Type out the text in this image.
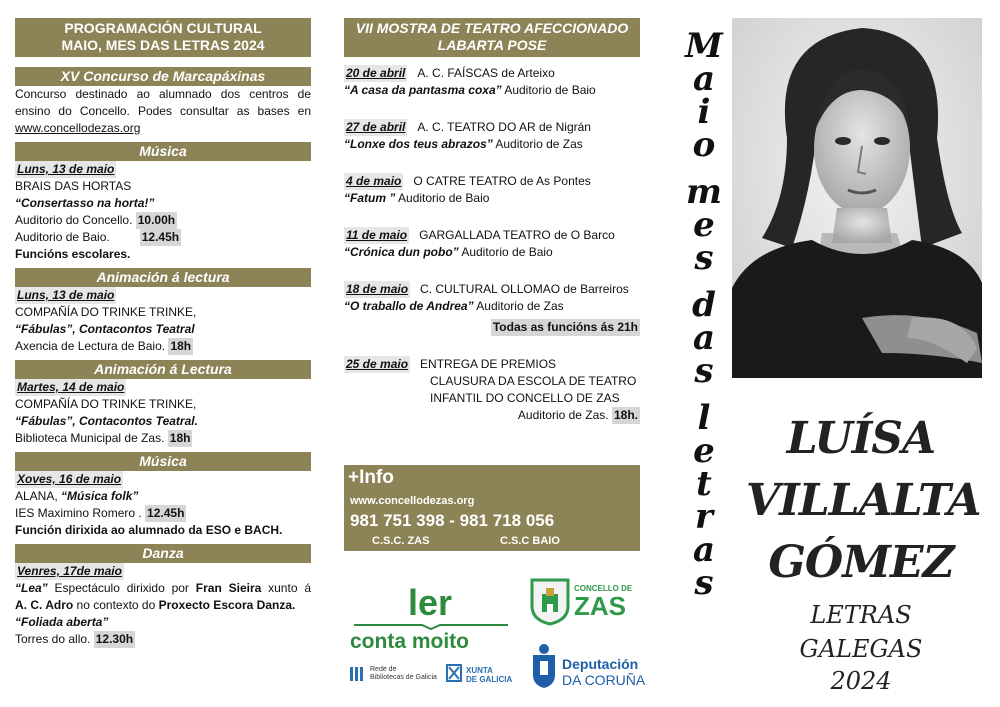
PROGRAMACIÓN CULTURAL
MAIO, MES DAS LETRAS 2024
XV Concurso de Marcapáxinas
Concurso destinado ao alumnado dos centros de ensino do Concello. Podes consultar as bases en www.concellodezas.org
Música
Luns, 13 de maio
BRAIS DAS HORTAS
“Consertasso na horta!”
Auditorio do Concello. 10.00h
Auditorio de Baio.	12.45h
Funcións escolares.
Animación á lectura
Luns, 13 de maio
COMPAÑÍA DO TRINKE TRINKE,
“Fábulas”, Contacontos Teatral
Axencia de Lectura de Baio. 18h
Animación á Lectura
Martes, 14 de maio
COMPAÑÍA DO TRINKE TRINKE,
“Fábulas”, Contacontos Teatral.
Biblioteca Municipal de Zas. 18h
Música
Xoves, 16 de maio
ALANA, “Música folk”
IES Maximino Romero . 12.45h
Función dirixida ao alumnado da ESO e BACH.
Danza
Venres, 17de maio
“Lea” Espectáculo dirixido por Fran Sieira xunto á
A. C. Adro no contexto do Proxecto Escora Danza.
“Foliada aberta”
Torres do allo. 12.30h
VII MOSTRA DE TEATRO AFECCIONADO
LABARTA POSE
20 de abril A. C. FAÍSCAS de Arteixo
“A casa da pantasma coxa” Auditorio de Baio
27 de abril A. C. TEATRO DO AR de Nigrán
“Lonxe dos teus abrazos” Auditorio de Zas
4 de maio O CATRE TEATRO de As Pontes
“Fatum ” Auditorio de Baio
11 de maio GARGALLADA TEATRO de O Barco
“Crónica dun pobo” Auditorio de Baio
18 de maio C. CULTURAL OLLOMAO de Barreiros
“O traballo de Andrea” Auditorio de Zas
Todas as funcións ás 21h
25 de maio ENTREGA DE PREMIOS
CLAUSURA DA ESCOLA DE TEATRO
INFANTIL DO CONCELLO DE ZAS
Auditorio de Zas. 18h.
+Info
www.concellodezas.org
981 751 398 - 981 718 056
C.S.C. ZAS	C.S.C BAIO
ler
conta moito
Rede de
Bibliotecas de Galicia
XUNTA
DE GALICIA
CONCELLO DE
ZAS
Deputación
DA CORUÑA
M
a
i
o
m
e
s
d
a
s
l
e
t
r
a
s
LUÍSA
VILLALTA
GÓMEZ
LETRAS GALEGAS
2024
